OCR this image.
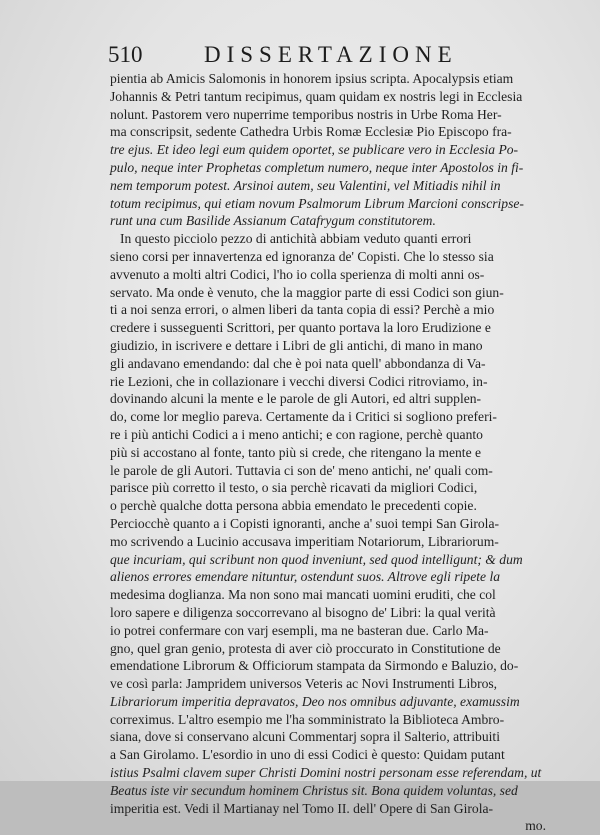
510	DISSERTAZIONE
pientia ab Amicis Salomonis in honorem ipsius scripta. Apocalypsis etiam
Johannis & Petri tantum recipimus, quam quidam ex nostris legi in Ecclesia
nolunt. Pastorem vero nuperrime temporibus nostris in Urbe Roma Her-
ma conscripsit, sedente Cathedra Urbis Romæ Ecclesiæ Pio Episcopo fra-
tre ejus. Et ideo legi eum quidem oportet, se publicare vero in Ecclesia Po-
pulo, neque inter Prophetas completum numero, neque inter Apostolos in fi-
nem temporum potest. Arsinoi autem, seu Valentini, vel Mitiadis nihil in
totum recipimus, qui etiam novum Psalmorum Librum Marcioni conscripse-
runt una cum Basilide Assianum Catafrygum constitutorem.
In questo picciolo pezzo di antichità abbiam veduto quanti errori
sieno corsi per innavertenza ed ignoranza de' Copisti. Che lo stesso sia
avvenuto a molti altri Codici, l'ho io colla sperienza di molti anni os-
servato. Ma onde è venuto, che la maggior parte di essi Codici son giun-
ti a noi senza errori, o almen liberi da tanta copia di essi? Perchè a mio
credere i susseguenti Scrittori, per quanto portava la loro Erudizione e
giudizio, in iscrivere e dettare i Libri de gli antichi, di mano in mano
gli andavano emendando: dal che è poi nata quell' abbondanza di Va-
rie Lezioni, che in collazionare i vecchi diversi Codici ritroviamo, in-
dovinando alcuni la mente e le parole de gli Autori, ed altri supplen-
do, come lor meglio pareva. Certamente da i Critici si sogliono preferi-
re i più antichi Codici a i meno antichi; e con ragione, perchè quanto
più si accostano al fonte, tanto più si crede, che ritengano la mente e
le parole de gli Autori. Tuttavia ci son de' meno antichi, ne' quali com-
parisce più corretto il testo, o sia perchè ricavati da migliori Codici,
o perchè qualche dotta persona abbia emendato le precedenti copie.
Perciocchè quanto a i Copisti ignoranti, anche a' suoi tempi San Girola-
mo scrivendo a Lucinio accusava imperitiam Notariorum, Librariorum-
que incuriam, qui scribunt non quod inveniunt, sed quod intelligunt; & dum
alienos errores emendare nituntur, ostendunt suos. Altrove egli ripete la
medesima doglianza. Ma non sono mai mancati uomini eruditi, che col
loro sapere e diligenza soccorrevano al bisogno de' Libri: la qual verità
io potrei confermare con varj esempli, ma ne basteran due. Carlo Ma-
gno, quel gran genio, protesta di aver ciò proccurato in Constitutione de
emendatione Librorum & Officiorum stampata da Sirmondo e Baluzio, do-
ve così parla: Jampridem universos Veteris ac Novi Instrumenti Libros,
Librariorum imperitia depravatos, Deo nos omnibus adjuvante, examussim
correximus. L'altro esempio me l'ha somministrato la Biblioteca Ambro-
siana, dove si conservano alcuni Commentarj sopra il Salterio, attribuiti
a San Girolamo. L'esordio in uno di essi Codici è questo: Quidam putant
istius Psalmi clavem super Christi Domini nostri personam esse referendam, ut
Beatus iste vir secundum hominem Christus sit. Bona quidem voluntas, sed
imperitia est. Vedi il Martianay nel Tomo II. dell' Opere di San Girola-
mo.
